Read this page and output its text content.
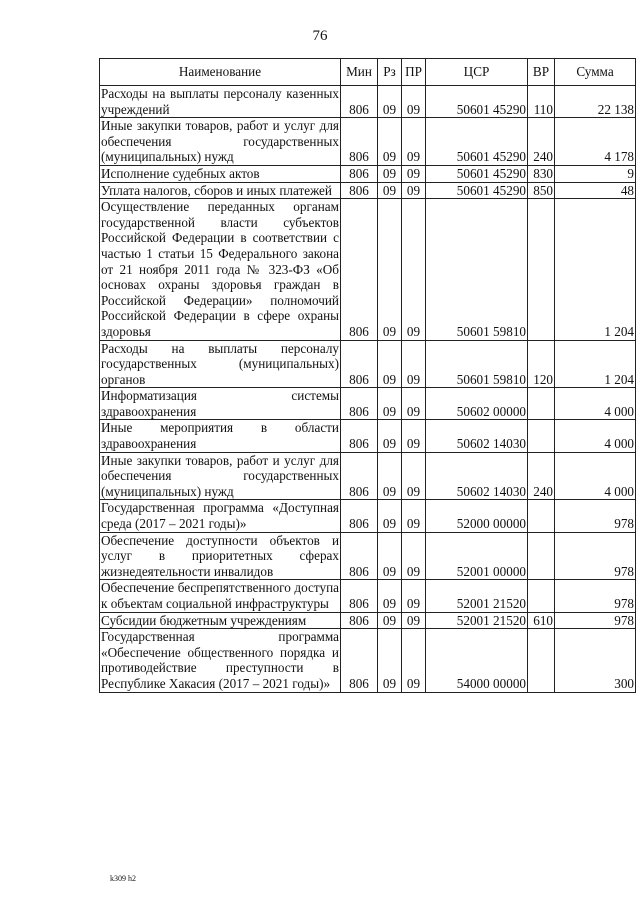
76
Наименование	Мин	Рз	ПР	ЦСР	ВР	Сумма
Расходы на выплаты персоналу казенных учреждений	806	09	09	50601 45290	110	22 138
Иные закупки товаров, работ и услуг для обеспечения государственных (муниципальных) нужд	806	09	09	50601 45290	240	4 178
Исполнение судебных актов	806	09	09	50601 45290	830	9
Уплата налогов, сборов и иных платежей	806	09	09	50601 45290	850	48
Осуществление переданных органам государственной власти субъектов Российской Федерации в соответствии с частью 1 статьи 15 Федерального закона от 21 ноября 2011 года № 323-ФЗ «Об основах охраны здоровья граждан в Российской Федерации» полномочий Российской Федерации в сфере охраны здоровья	806	09	09	50601 59810		1 204
Расходы на выплаты персоналу государственных (муниципальных) органов	806	09	09	50601 59810	120	1 204
Информатизация системы здравоохранения	806	09	09	50602 00000		4 000
Иные мероприятия в области здравоохранения	806	09	09	50602 14030		4 000
Иные закупки товаров, работ и услуг для обеспечения государственных (муниципальных) нужд	806	09	09	50602 14030	240	4 000
Государственная программа «Доступная среда (2017 – 2021 годы)»	806	09	09	52000 00000		978
Обеспечение доступности объектов и услуг в приоритетных сферах жизнедеятельности инвалидов	806	09	09	52001 00000		978
Обеспечение беспрепятственного доступа к объектам социальной инфраструктуры	806	09	09	52001 21520		978
Субсидии бюджетным учреждениям	806	09	09	52001 21520	610	978
Государственная программа «Обеспечение общественного порядка и противодействие преступности в Республике Хакасия (2017 – 2021 годы)»	806	09	09	54000 00000		300
k309 h2
